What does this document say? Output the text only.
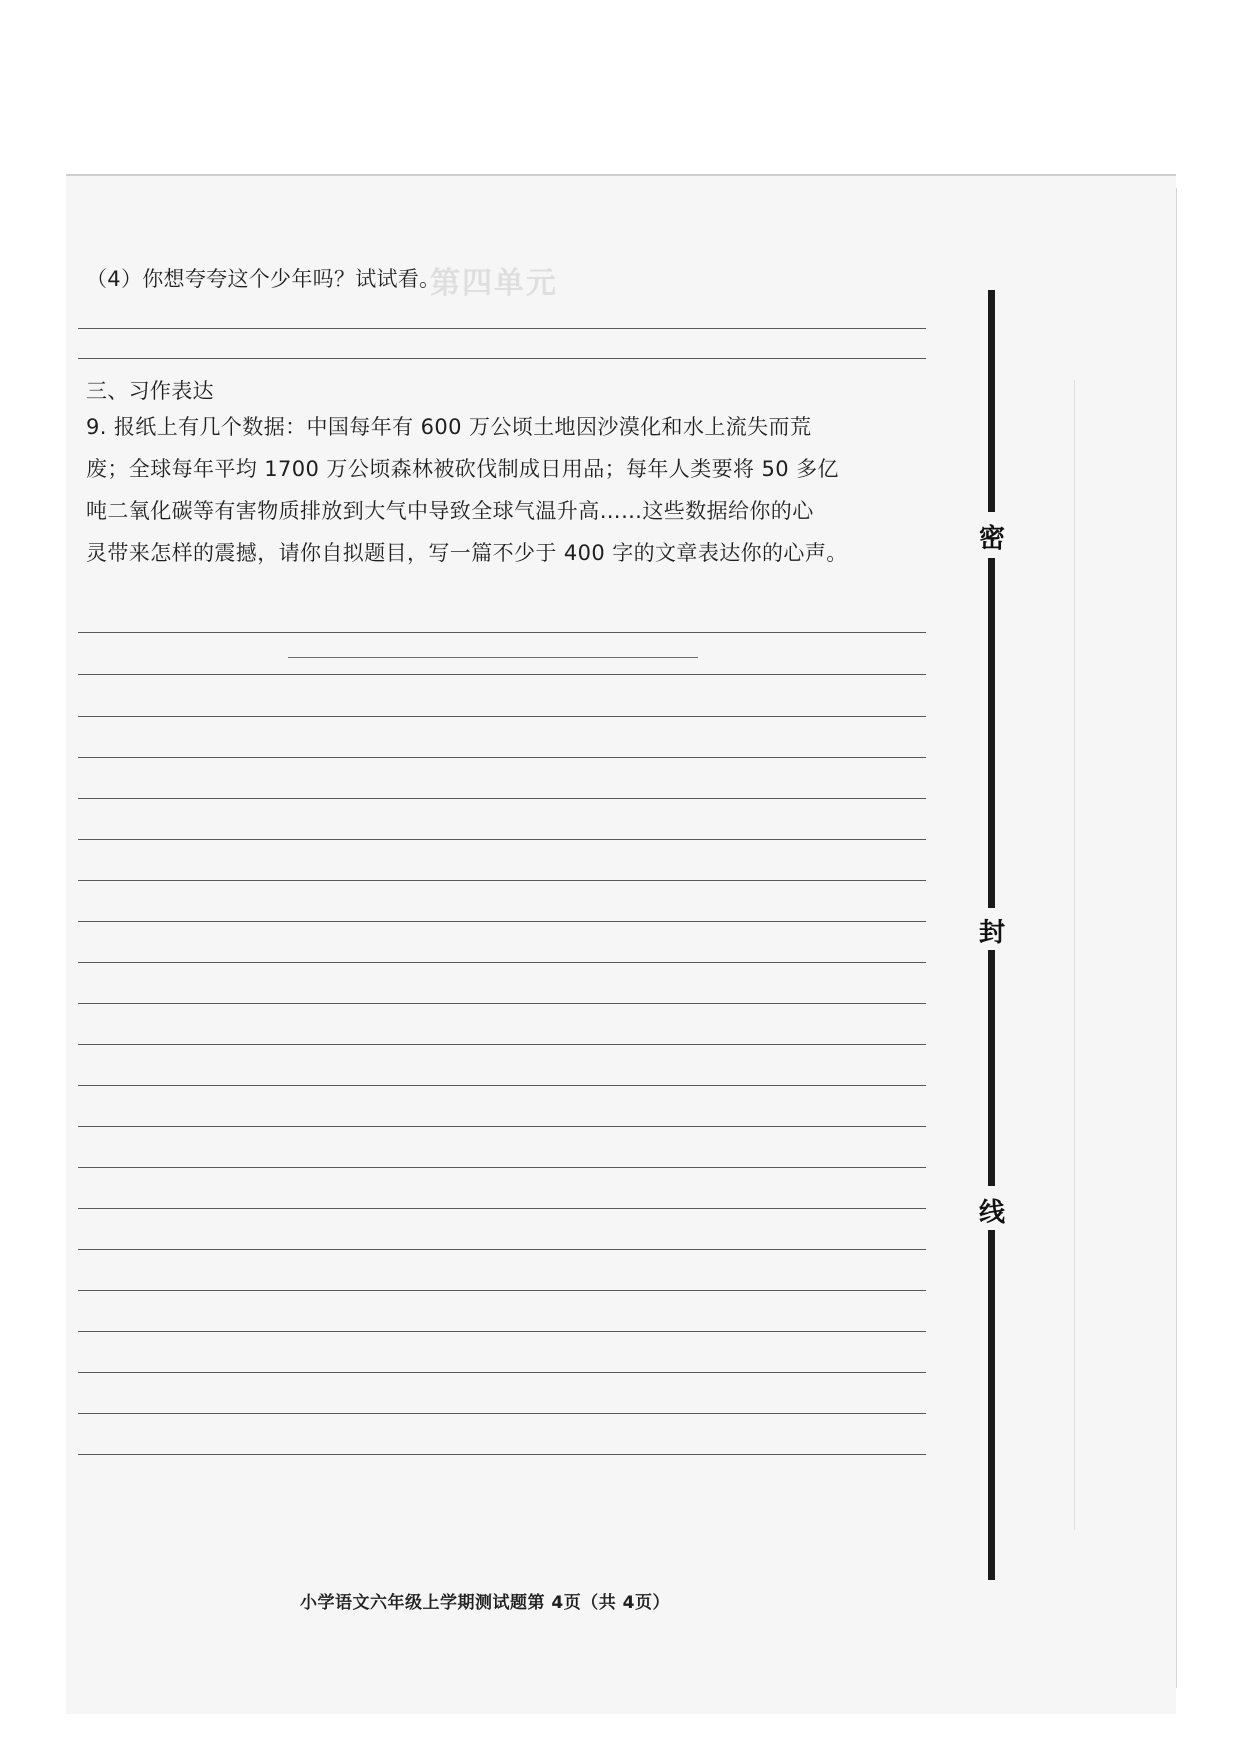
第四单元
（4）你想夸夸这个少年吗？试试看。
三、习作表达
9. 报纸上有几个数据：中国每年有 600 万公顷土地因沙漠化和水上流失而荒
废；全球每年平均 1700 万公顷森林被砍伐制成日用品；每年人类要将 50 多亿
吨二氧化碳等有害物质排放到大气中导致全球气温升高……这些数据给你的心
灵带来怎样的震撼，请你自拟题目，写一篇不少于 400 字的文章表达你的心声。	密
封
线
小学语文六年级上学期测试题第 4页（共 4页）
